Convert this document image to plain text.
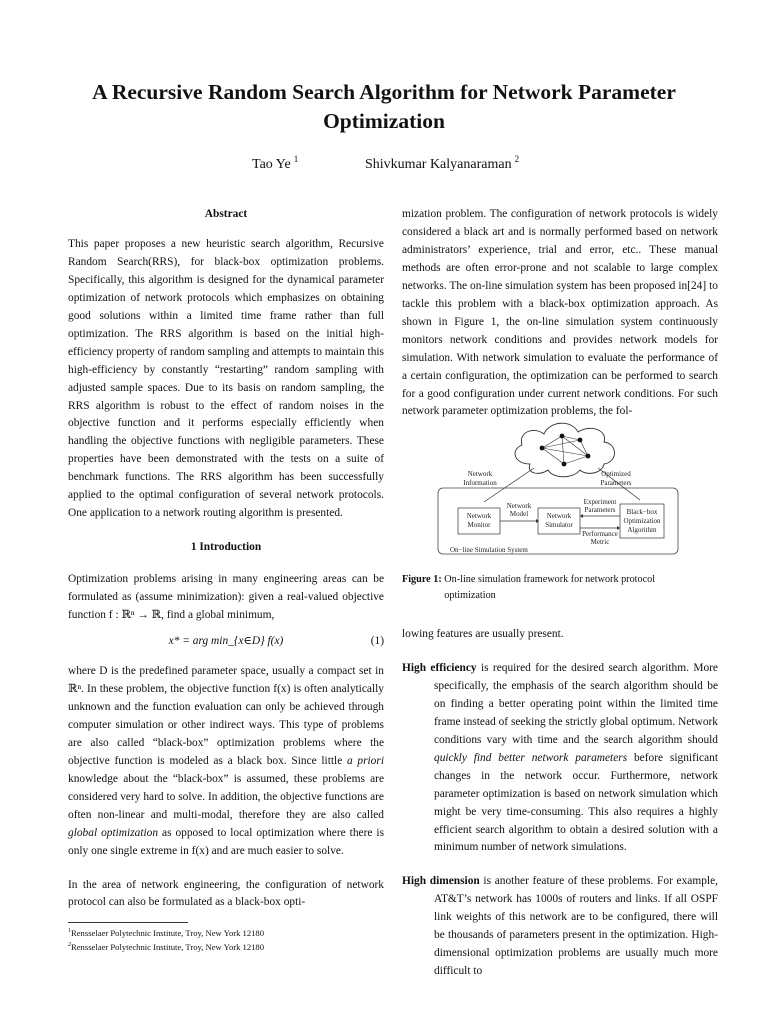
A Recursive Random Search Algorithm for Network Parameter
Optimization
Tao Ye $^1$	Shivkumar Kalyanaraman $^2$

Abstract

This paper proposes a new heuristic search algorithm, Recursive Random Search(RRS), for black-box optimization problems. Specifically, this algorithm is designed for the dynamical parameter optimization of network protocols which emphasizes on obtaining good solutions within a limited time frame rather than full optimization. The RRS algorithm is based on the initial high-efficiency property of random sampling and attempts to maintain this high-efficiency by constantly “restarting” random sampling with adjusted sample spaces. Due to its basis on random sampling, the RRS algorithm is robust to the effect of random noises in the objective function and it performs especially efficiently when handling the objective functions with negligible parameters. These properties have been demonstrated with the tests on a suite of benchmark functions. The RRS algorithm has been successfully applied to the optimal configuration of several network protocols. One application to a network routing algorithm is presented.

1 Introduction

Optimization problems arising in many engineering areas can be formulated as (assume minimization): given a real-valued objective function f : ℝⁿ → ℝ, find a global minimum,

x* = arg min_{x∈D} f(x)	(1)

where D is the predefined parameter space, usually a compact set in ℝⁿ. In these problem, the objective function f(x) is often analytically unknown and the function evaluation can only be achieved through computer simulation or other indirect ways. This type of problems are also called “black-box” optimization problems where the objective function is modeled as a black box. Since little a priori knowledge about the “black-box” is assumed, these problems are considered very hard to solve. In addition, the objective functions are often non-linear and multi-modal, therefore they are also called global optimization as opposed to local optimization where there is only one single extreme in f(x) and are much easier to solve.

In the area of network engineering, the configuration of network protocol can also be formulated as a black-box opti-

$^1$Rensselaer Polytechnic Institute, Troy, New York 12180
$^2$Rensselaer Polytechnic Institute, Troy, New York 12180

mization problem. The configuration of network protocols is widely considered a black art and is normally performed based on network administrators’ experience, trial and error, etc.. These manual methods are often error-prone and not scalable to large complex networks. The on-line simulation system has been proposed in[24] to tackle this problem with a black-box optimization approach. As shown in Figure 1, the on-line simulation system continuously monitors network conditions and provides network models for simulation. With network simulation to evaluate the performance of a certain configuration, the optimization can be performed to search for a good configuration under current network conditions. For such network parameter optimization problems, the fol-

Network
Information
Optimized
Parameters
Network
Monitor
Network
Simulator
Black−box
Optimization
Algorithm
Network
Model
Experiment
Parameters
Performance
Metric
On−line Simulation System
Figure 1: On-line simulation framework for network protocol optimization

lowing features are usually present.

High efficiency is required for the desired search algorithm. More specifically, the emphasis of the search algorithm should be on finding a better operating point within the limited time frame instead of seeking the strictly global optimum. Network conditions vary with time and the search algorithm should quickly find better network parameters before significant changes in the network occur. Furthermore, network parameter optimization is based on network simulation which might be very time-consuming. This also requires a highly efficient search algorithm to obtain a desired solution with a minimum number of network simulations.

High dimension is another feature of these problems. For example, AT&T’s network has 1000s of routers and links. If all OSPF link weights of this network are to be configured, there will be thousands of parameters present in the optimization. High-dimensional optimization problems are usually much more difficult to
